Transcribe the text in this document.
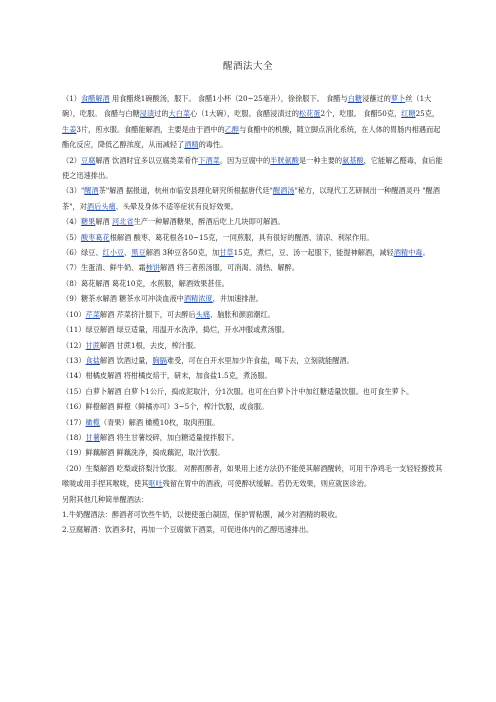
醒酒法大全

（1）食醋解酒 用食醋烧1碗酸汤，服下。 食醋1小杯（20~25毫升），徐徐服下。 食醋与白糖浸蘸过的萝卜丝（1大碗），吃服。 食醋与白糖浸渍过的大白菜心（1大碗），吃服。食醋浸渍过的松花蛋2个，吃服。 食醋50克，红糖25克，生姜3片，煎水服。食醋能解酒，主要是由于酒中的乙醇与食醋中的机酸，随立脚点消化系统，在人体的胃肠内相遇而起酯化反应，降低乙醇浓度，从而减轻了酒精的毒性。

（2）豆腐解酒 饮酒时宜多以豆腐类菜肴作下酒菜。因为豆腐中的半胱氨酸是一种主要的氨基酸，它能解乙醛毒，食后能使之迅速排出。

（3）"醒酒茶"解酒 据报道，杭州市临安县理化研究所根据唐代廷"醒酒汤"秘方，以现代工艺研制出一种醒酒灵丹 "醒酒茶"，对酒后头痛、头晕及身体不适等症状有良好效果。

（4）糖果解酒 河北省生产一种解酒糖果，醉酒后吃上几块即可解酒。

（5）酸枣葛花根解酒 酸枣、葛花根各10~15克，一同煎服，具有很好的醒酒、清凉、利尿作用。

（6）绿豆、红小豆、黑豆解酒 3种豆各50克，加甘草15克，煮烂，豆、汤一起服下，能提神解酒，减轻酒精中毒。

（7）生蛋清、鲜牛奶、霜柿饼解酒 将三者煎汤服，可消渴、清热、解醉。

（8）葛花解酒 葛花10克，水煎服，解酒效果甚佳。

（9）糖茶水解酒 糖茶水可冲淡血液中酒精浓度，并加速排泄。

（10）芹菜解酒 芹菜挤汁服下，可去醉后头痛、脑胀和颜面潮红。

（11）绿豆解酒 绿豆适量，用温开水洗净，捣烂，开水冲服或煮汤服。

（12）甘蔗解酒 甘蔗1根，去皮，榨汁服。

（13）食盐解酒 饮酒过量，胸膈难受，可在白开水里加少许食盐，喝下去，立刻就能醒酒。

（14）柑橘皮解酒 将柑橘皮焙干，研末，加食盐1.5克，煮汤服。

（15）白萝卜解酒 白萝卜1公斤，捣成泥取汁，分1次服。也可在白萝卜汁中加红糖适量饮服。也可食生萝卜。

（16）鲜橙解酒 鲜橙（鲜橘亦可）3~5个，榨汁饮服，或食服。

（17）橄榄（青果）解酒 橄榄10枚，取肉煎服。

（18）甘薯解酒 将生甘薯绞碎，加白糖适量搅拌服下。

（19）鲜藕解酒 鲜藕洗净，捣成藕泥，取汁饮服。

（20）生梨解酒 吃梨或挤梨汁饮服。 对醉酊醉者，如果用上述方法仍不能使其解酒醒转，可用干净鸡毛一支轻轻撩拨其喉咙或用手捏其喉咙，使其呕吐残留在胃中的酒液，可使醉状缓解。若仍无效果，则应就医诊治。

另附其他几种简单醒酒法：

1.牛奶醒酒法：醉酒者可饮些牛奶，以便使蛋白凝固，保护胃粘膜，减少对酒精的吸收。

2.豆腐解酒：饮酒多时，再加一个豆腐做下酒菜，可促进体内的乙醇迅速排出。
